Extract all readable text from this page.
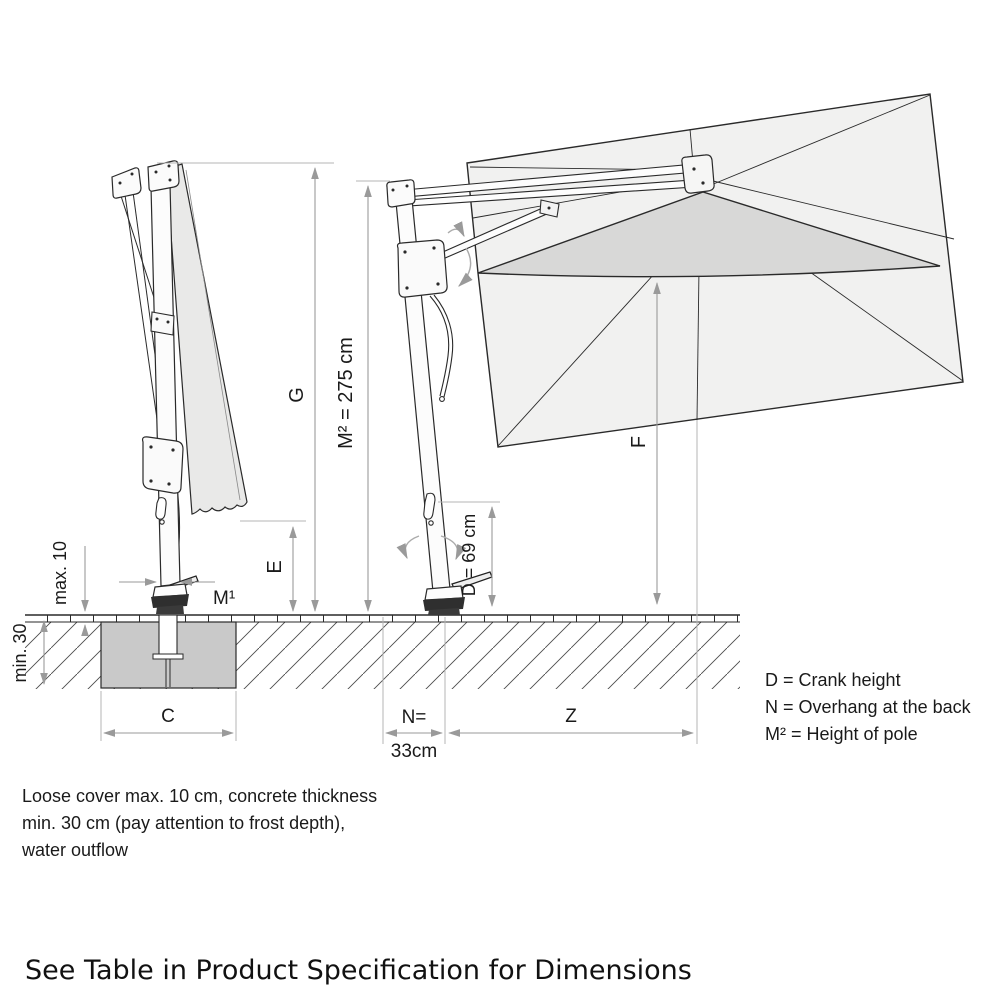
G M² = 275 cm
E	D = 69 cm
F
max. 10
min. 30
M¹
C	N=
33cm
Z
D = Crank height
N = Overhang at the back
M² = Height of pole
Loose cover max. 10 cm, concrete thickness
min. 30 cm (pay attention to frost depth),
water outflow
See Table in Product Specification for Dimensions
